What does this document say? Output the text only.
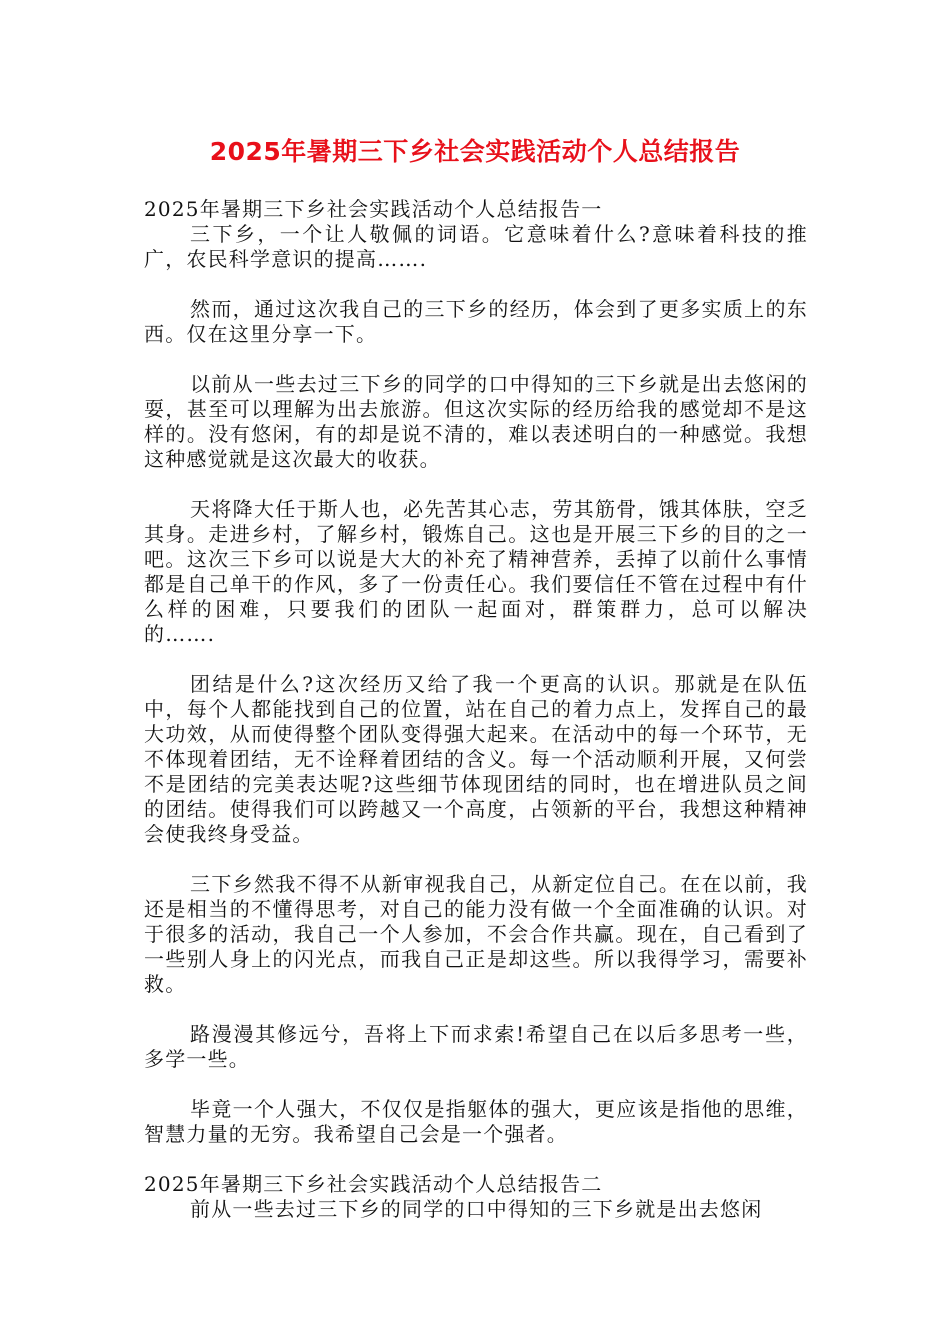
2025年暑期三下乡社会实践活动个人总结报告

2025年暑期三下乡社会实践活动个人总结报告一

三下乡，一个让人敬佩的词语。它意味着什么?意味着科技的推广，农民科学意识的提高…….

然而，通过这次我自己的三下乡的经历，体会到了更多实质上的东西。仅在这里分享一下。

以前从一些去过三下乡的同学的口中得知的三下乡就是出去悠闲的耍，甚至可以理解为出去旅游。但这次实际的经历给我的感觉却不是这样的。没有悠闲，有的却是说不清的，难以表述明白的一种感觉。我想这种感觉就是这次最大的收获。

天将降大任于斯人也，必先苦其心志，劳其筋骨，饿其体肤，空乏其身。走进乡村，了解乡村，锻炼自己。这也是开展三下乡的目的之一吧。这次三下乡可以说是大大的补充了精神营养，丢掉了以前什么事情都是自己单干的作风，多了一份责任心。我们要信任不管在过程中有什么样的困难，只要我们的团队一起面对，群策群力，总可以解决的…….

团结是什么?这次经历又给了我一个更高的认识。那就是在队伍中，每个人都能找到自己的位置，站在自己的着力点上，发挥自己的最大功效，从而使得整个团队变得强大起来。在活动中的每一个环节，无不体现着团结，无不诠释着团结的含义。每一个活动顺利开展，又何尝不是团结的完美表达呢?这些细节体现团结的同时，也在增进队员之间的团结。使得我们可以跨越又一个高度，占领新的平台，我想这种精神会使我终身受益。

三下乡然我不得不从新审视我自己，从新定位自己。在在以前，我还是相当的不懂得思考，对自己的能力没有做一个全面准确的认识。对于很多的活动，我自己一个人参加，不会合作共赢。现在，自己看到了一些别人身上的闪光点，而我自己正是却这些。所以我得学习，需要补救。

路漫漫其修远兮，吾将上下而求索!希望自己在以后多思考一些，多学一些。

毕竟一个人强大，不仅仅是指躯体的强大，更应该是指他的思维，智慧力量的无穷。我希望自己会是一个强者。

2025年暑期三下乡社会实践活动个人总结报告二

前从一些去过三下乡的同学的口中得知的三下乡就是出去悠闲
